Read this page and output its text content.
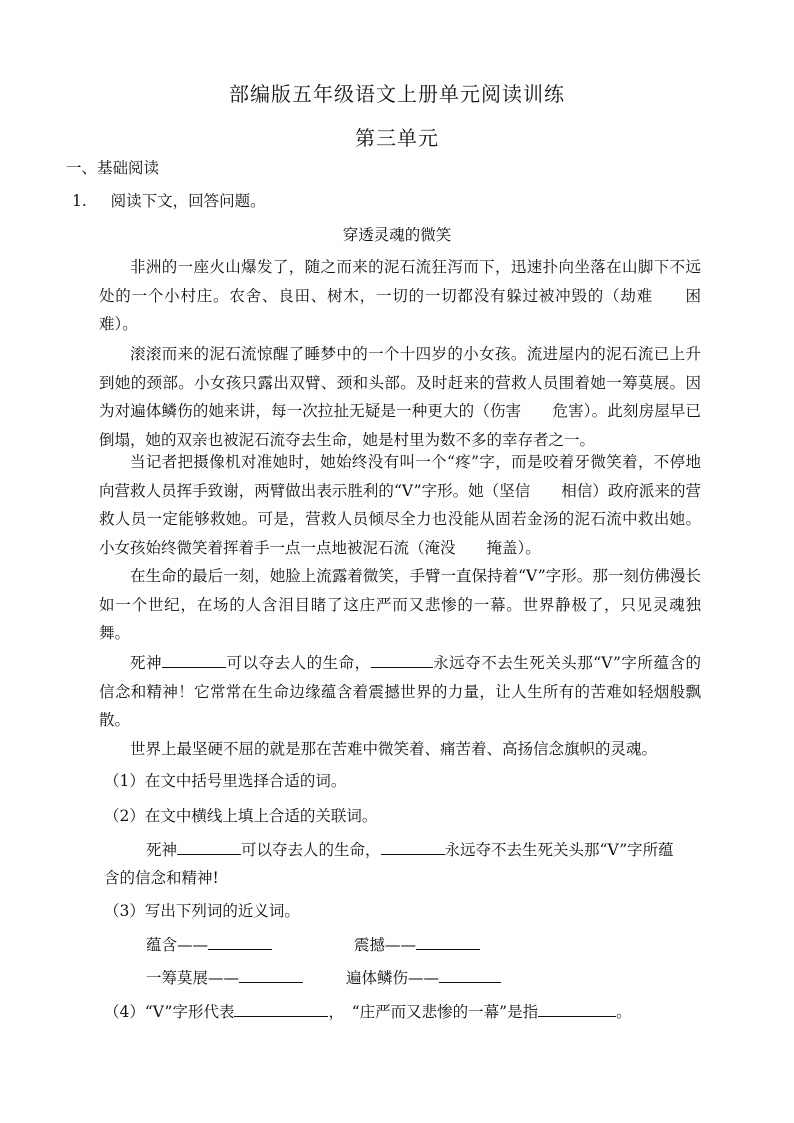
部编版五年级语文上册单元阅读训练
第三单元
一、基础阅读
1. 阅读下文，回答问题。
穿透灵魂的微笑
非洲的一座火山爆发了，随之而来的泥石流狂泻而下，迅速扑向坐落在山脚下不远处的一个小村庄。农舍、良田、树木，一切的一切都没有躲过被冲毁的（劫难　　困难）。
滚滚而来的泥石流惊醒了睡梦中的一个十四岁的小女孩。流进屋内的泥石流已上升到她的颈部。小女孩只露出双臂、颈和头部。及时赶来的营救人员围着她一筹莫展。因为对遍体鳞伤的她来讲，每一次拉扯无疑是一种更大的（伤害　　危害）。此刻房屋早已倒塌，她的双亲也被泥石流夺去生命，她是村里为数不多的幸存者之一。
当记者把摄像机对准她时，她始终没有叫一个“疼”字，而是咬着牙微笑着，不停地向营救人员挥手致谢，两臂做出表示胜利的“V”字形。她（坚信　　相信）政府派来的营救人员一定能够救她。可是，营救人员倾尽全力也没能从固若金汤的泥石流中救出她。小女孩始终微笑着挥着手一点一点地被泥石流（淹没　　掩盖）。
在生命的最后一刻，她脸上流露着微笑，手臂一直保持着“V”字形。那一刻仿佛漫长如一个世纪，在场的人含泪目睹了这庄严而又悲惨的一幕。世界静极了，只见灵魂独舞。
死神	可以夺去人的生命，	永远夺不去生死关头那“V”字所蕴含的信念和精神！它常常在生命边缘蕴含着震撼世界的力量，让人生所有的苦难如轻烟般飘散。
世界上最坚硬不屈的就是那在苦难中微笑着、痛苦着、高扬信念旗帜的灵魂。
（1）在文中括号里选择合适的词。
（2）在文中横线上填上合适的关联词。
死神	可以夺去人的生命，	永远夺不去生死关头那“V”字所蕴
含的信念和精神!
（3）写出下列词的近义词。
蕴含——	震撼——
一筹莫展——	遍体鳞伤——
（4）“V”字形代表	，　“庄严而又悲惨的一幕”是指	。
